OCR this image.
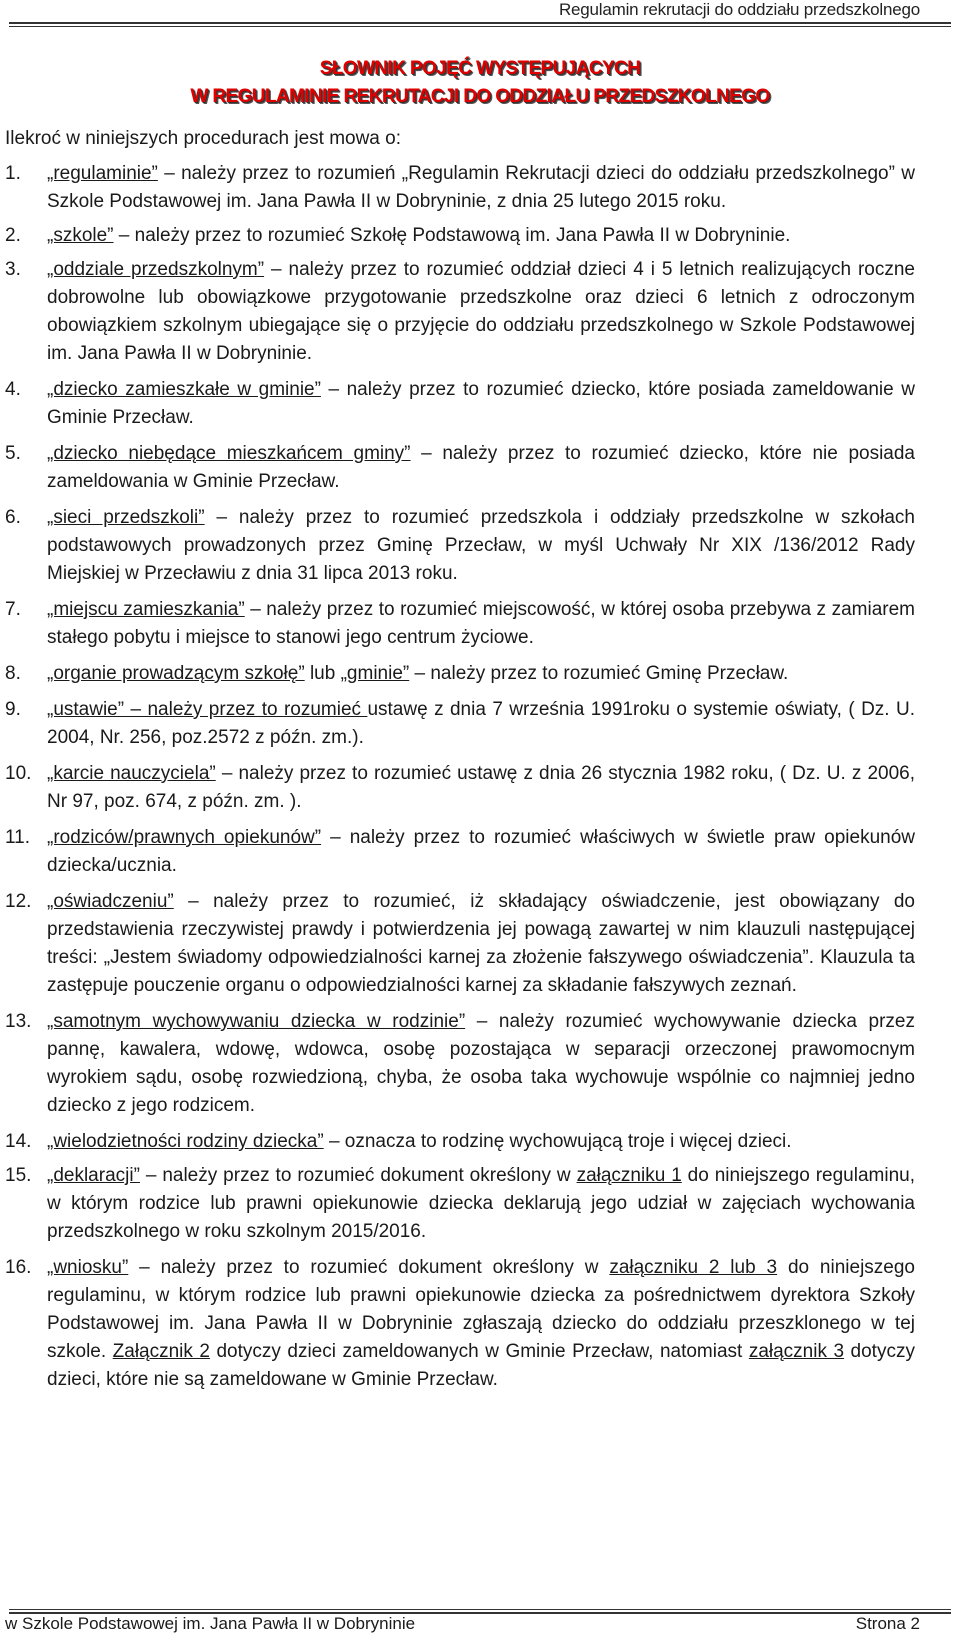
Regulamin rekrutacji do oddziału przedszkolnego
SŁOWNIK POJĘĆ WYSTĘPUJĄCYCH
W REGULAMINIE REKRUTACJI DO ODDZIAŁU PRZEDSZKOLNEGO
Ilekroć w niniejszych procedurach jest mowa o:

1. „regulaminie” – należy przez to rozumień „Regulamin Rekrutacji dzieci do oddziału przedszkolnego” w Szkole Podstawowej im. Jana Pawła II w Dobryninie, z dnia 25 lutego 2015 roku.

2. „szkole” – należy przez to rozumieć Szkołę Podstawową im. Jana Pawła II w Dobryninie.

3. „oddziale przedszkolnym” – należy przez to rozumieć oddział dzieci 4 i 5 letnich realizujących roczne dobrowolne lub obowiązkowe przygotowanie przedszkolne oraz dzieci 6 letnich z odroczonym obowiązkiem szkolnym ubiegające się o przyjęcie do oddziału przedszkolnego w Szkole Podstawowej im. Jana Pawła II w Dobryninie.

4. „dziecko zamieszkałe w gminie” – należy przez to rozumieć dziecko, które posiada zameldowanie w Gminie Przecław.

5. „dziecko niebędące mieszkańcem gminy” – należy przez to rozumieć dziecko, które nie posiada zameldowania w Gminie Przecław.

6. „sieci przedszkoli” – należy przez to rozumieć przedszkola i oddziały przedszkolne w szkołach podstawowych prowadzonych przez Gminę Przecław, w myśl Uchwały Nr XIX /136/2012 Rady Miejskiej w Przecławiu z dnia 31 lipca 2013 roku.

7. „miejscu zamieszkania” – należy przez to rozumieć miejscowość, w której osoba przebywa z zamiarem stałego pobytu i miejsce to stanowi jego centrum życiowe.

8. „organie prowadzącym szkołę” lub „gminie” – należy przez to rozumieć Gminę Przecław.

9. „ustawie” – należy przez to rozumieć ustawę z dnia 7 września 1991roku o systemie oświaty, ( Dz. U. 2004, Nr. 256, poz.2572 z późn. zm.).

10. „karcie nauczyciela” – należy przez to rozumieć ustawę z dnia 26 stycznia 1982 roku, ( Dz. U. z 2006, Nr 97, poz. 674, z późn. zm. ).

11. „rodziców/prawnych opiekunów” – należy przez to rozumieć właściwych w świetle praw opiekunów dziecka/ucznia.

12. „oświadczeniu” – należy przez to rozumieć, iż składający oświadczenie, jest obowiązany do przedstawienia rzeczywistej prawdy i potwierdzenia jej powagą zawartej w nim klauzuli następującej treści: „Jestem świadomy odpowiedzialności karnej za złożenie fałszywego oświadczenia”. Klauzula ta zastępuje pouczenie organu o odpowiedzialności karnej za składanie fałszywych zeznań.

13. „samotnym wychowywaniu dziecka w rodzinie” – należy rozumieć wychowywanie dziecka przez pannę, kawalera, wdowę, wdowca, osobę pozostająca w separacji orzeczonej prawomocnym wyrokiem sądu, osobę rozwiedzioną, chyba, że osoba taka wychowuje wspólnie co najmniej jedno dziecko z jego rodzicem.

14. „wielodzietności rodziny dziecka” – oznacza to rodzinę wychowującą troje i więcej dzieci.

15. „deklaracji” – należy przez to rozumieć dokument określony w załączniku 1 do niniejszego regulaminu, w którym rodzice lub prawni opiekunowie dziecka deklarują jego udział w zajęciach wychowania przedszkolnego w roku szkolnym 2015/2016.

16. „wniosku” – należy przez to rozumieć dokument określony w załączniku 2 lub 3 do niniejszego regulaminu, w którym rodzice lub prawni opiekunowie dziecka za pośrednictwem dyrektora Szkoły Podstawowej im. Jana Pawła II w Dobryninie zgłaszają dziecko do oddziału przeszklonego w tej szkole. Załącznik 2 dotyczy dzieci zameldowanych w Gminie Przecław, natomiast załącznik 3 dotyczy dzieci, które nie są zameldowane w Gminie Przecław.

w Szkole Podstawowej im. Jana Pawła II w Dobryninie	Strona 2
